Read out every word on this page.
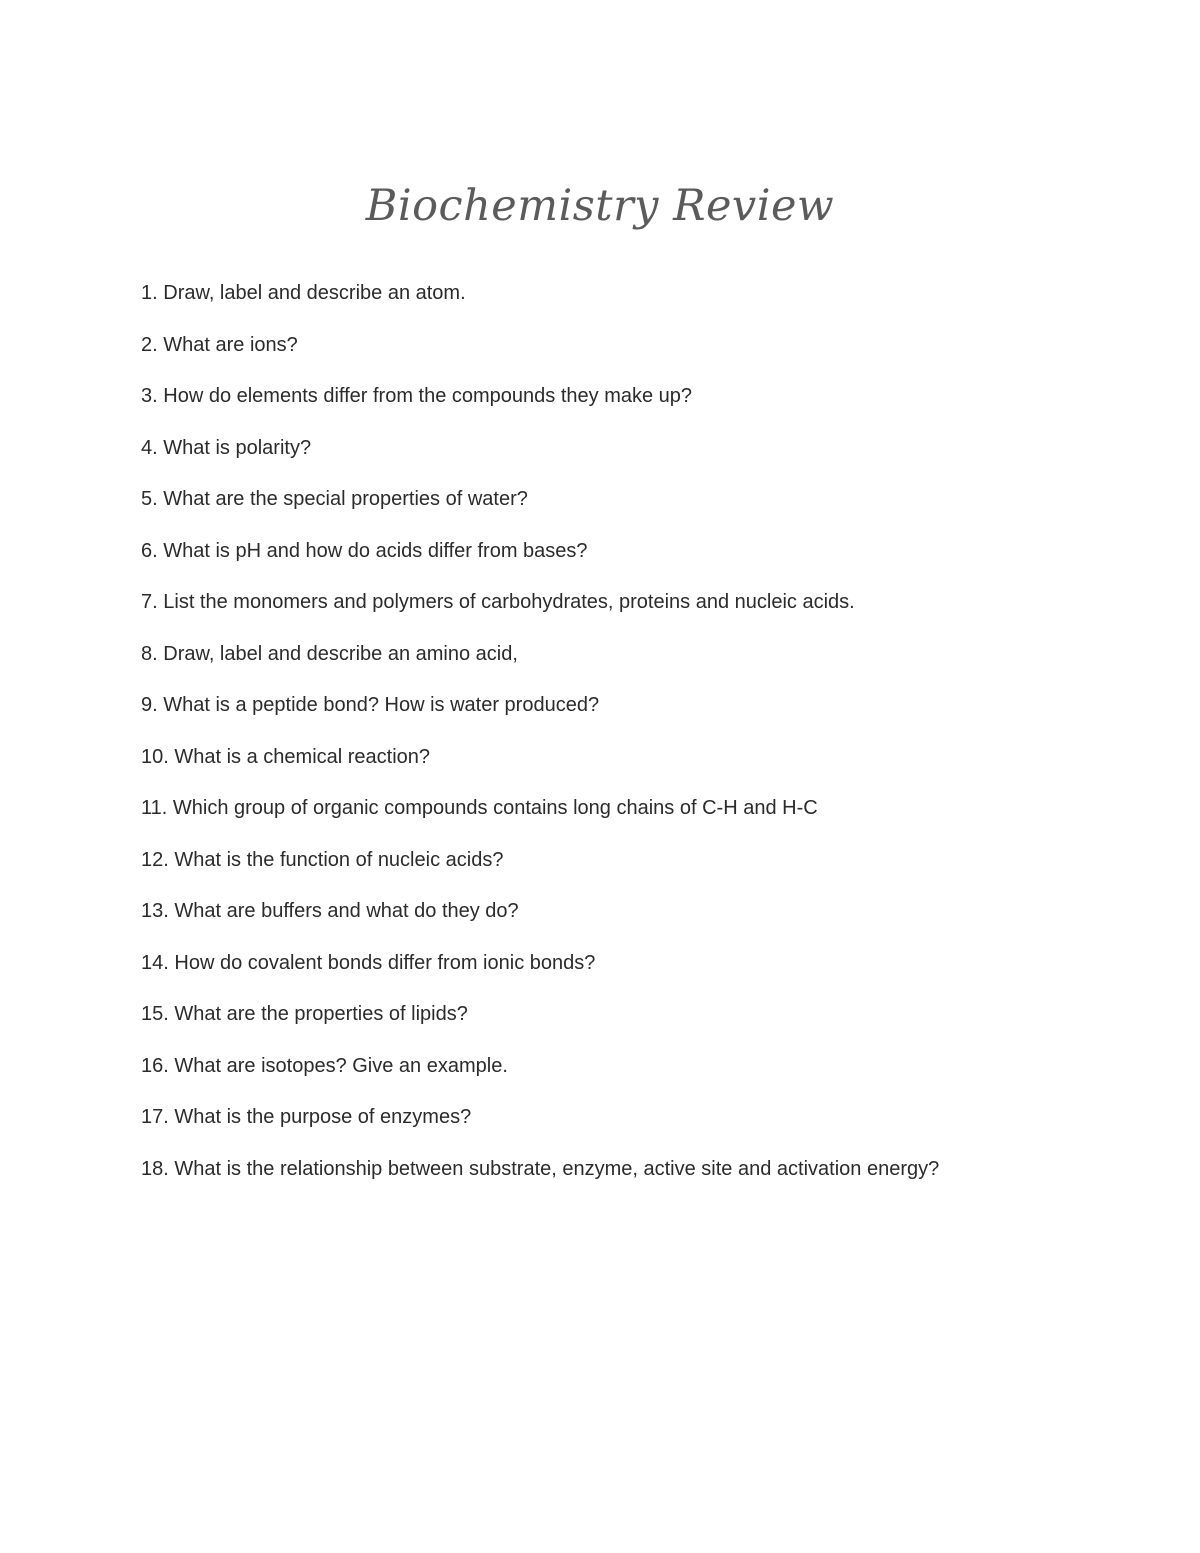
Biochemistry Review
1. Draw, label and describe an atom.
2. What are ions?
3. How do elements differ from the compounds they make up?
4. What is polarity?
5. What are the special properties of water?
6. What is pH and how do acids differ from bases?
7. List the monomers and polymers of carbohydrates, proteins and nucleic acids.
8. Draw, label and describe an amino acid,
9. What is a peptide bond? How is water produced?
10. What is a chemical reaction?
11. Which group of organic compounds contains long chains of C-H and H-C
12. What is the function of nucleic acids?
13. What are buffers and what do they do?
14. How do covalent bonds differ from ionic bonds?
15. What are the properties of lipids?
16. What are isotopes? Give an example.
17. What is the purpose of enzymes?
18. What is the relationship between substrate, enzyme, active site and activation energy?
